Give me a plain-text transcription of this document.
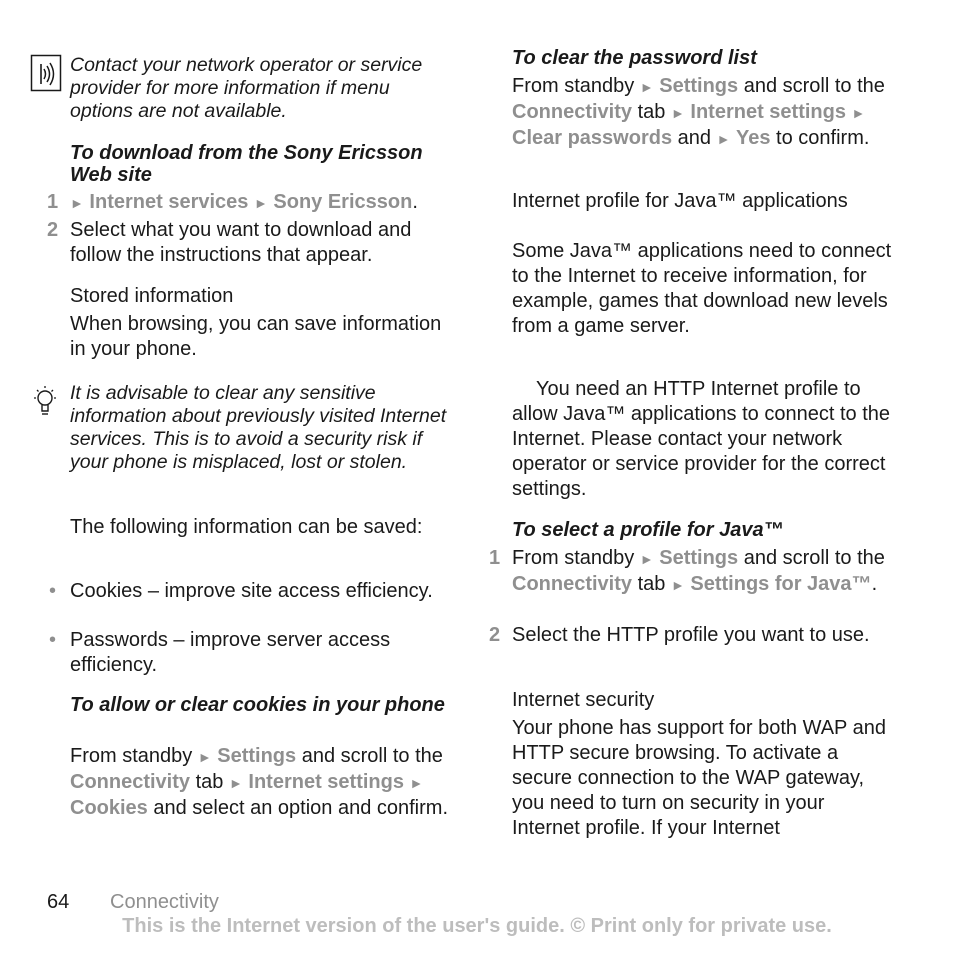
Contact your network operator or service provider for more information if menu options are not available.
To download from the Sony Ericsson Web site
1 ► Internet services ► Sony Ericsson.
2 Select what you want to download and follow the instructions that appear.
Stored information
When browsing, you can save information in your phone.
It is advisable to clear any sensitive information about previously visited Internet services. This is to avoid a security risk if your phone is misplaced, lost or stolen.
The following information can be saved:
• Cookies – improve site access efficiency.
• Passwords – improve server access efficiency.
To allow or clear cookies in your phone
From standby ► Settings and scroll to the Connectivity tab ► Internet settings ► Cookies and select an option and confirm.
To clear the password list
From standby ► Settings and scroll to the Connectivity tab ► Internet settings ► Clear passwords and ► Yes to confirm.
Internet profile for Java™ applications
Some Java™ applications need to connect to the Internet to receive information, for example, games that download new levels from a game server.
You need an HTTP Internet profile to allow Java™ applications to connect to the Internet. Please contact your network operator or service provider for the correct settings.
To select a profile for Java™
1 From standby ► Settings and scroll to the Connectivity tab ► Settings for Java™.
2 Select the HTTP profile you want to use.
Internet security
Your phone has support for both WAP and HTTP secure browsing. To activate a secure connection to the WAP gateway, you need to turn on security in your Internet profile. If your Internet
64 Connectivity
This is the Internet version of the user's guide. © Print only for private use.
